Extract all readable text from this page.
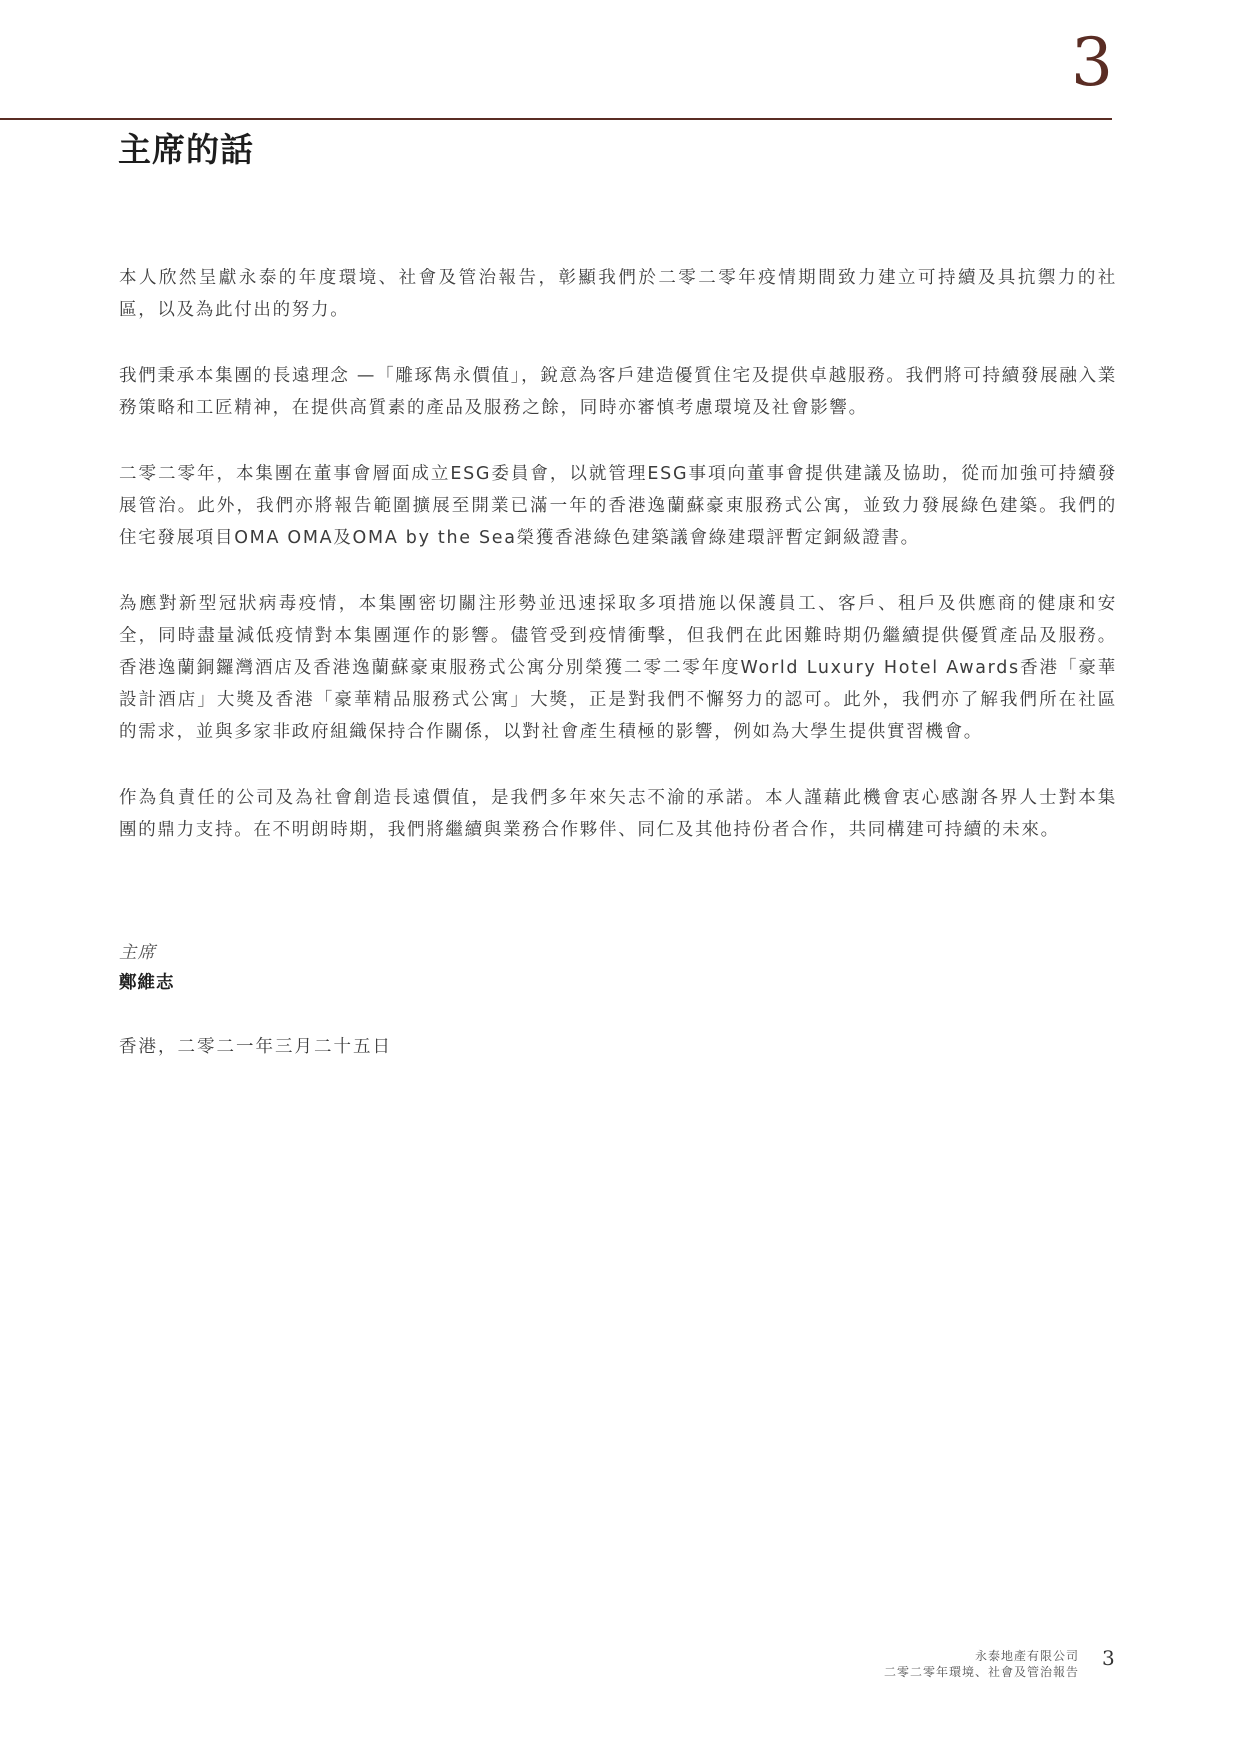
3
主席的話

本人欣然呈獻永泰的年度環境、社會及管治報告，彰顯我們於二零二零年疫情期間致力建立可持續及具抗禦力的社區，以及為此付出的努力。

我們秉承本集團的長遠理念 —「雕琢雋永價值」，銳意為客戶建造優質住宅及提供卓越服務。我們將可持續發展融入業務策略和工匠精神，在提供高質素的產品及服務之餘，同時亦審慎考慮環境及社會影響。

二零二零年，本集團在董事會層面成立ESG委員會，以就管理ESG事項向董事會提供建議及協助，從而加強可持續發展管治。此外，我們亦將報告範圍擴展至開業已滿一年的香港逸蘭蘇豪東服務式公寓，並致力發展綠色建築。我們的住宅發展項目OMA OMA及OMA by the Sea榮獲香港綠色建築議會綠建環評暫定銅級證書。

為應對新型冠狀病毒疫情，本集團密切關注形勢並迅速採取多項措施以保護員工、客戶、租戶及供應商的健康和安全，同時盡量減低疫情對本集團運作的影響。儘管受到疫情衝擊，但我們在此困難時期仍繼續提供優質產品及服務。香港逸蘭銅鑼灣酒店及香港逸蘭蘇豪東服務式公寓分別榮獲二零二零年度World Luxury Hotel Awards香港「豪華設計酒店」大獎及香港「豪華精品服務式公寓」大獎，正是對我們不懈努力的認可。此外，我們亦了解我們所在社區的需求，並與多家非政府組織保持合作關係，以對社會產生積極的影響，例如為大學生提供實習機會。

作為負責任的公司及為社會創造長遠價值，是我們多年來矢志不渝的承諾。本人謹藉此機會衷心感謝各界人士對本集團的鼎力支持。在不明朗時期，我們將繼續與業務合作夥伴、同仁及其他持份者合作，共同構建可持續的未來。

主席
鄭維志
香港，二零二一年三月二十五日
永泰地產有限公司
二零二零年環境、社會及管治報告
3
